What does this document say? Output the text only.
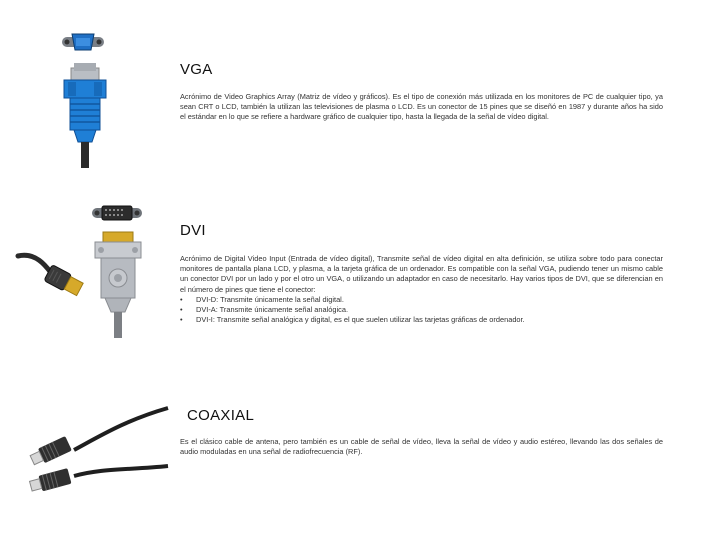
VGA
Acrónimo de Video Graphics Array (Matriz de vídeo y gráficos). Es el tipo de conexión más utilizada en los monitores de PC de cualquier tipo, ya sean CRT o LCD, también la utilizan las televisiones de plasma o LCD. Es un conector de 15 pines que se diseñó en 1987 y durante años ha sido el estándar en lo que se refiere a hardware gráfico de cualquier tipo, hasta la llegada de la señal de vídeo digital.
DVI
Acrónimo de Digital Video Input (Entrada de vídeo digital), Transmite señal de vídeo digital en alta definición, se utiliza sobre todo para conectar monitores de pantalla plana LCD, y plasma, a la tarjeta gráfica de un ordenador. Es compatible con la señal VGA, pudiendo tener un mismo cable un conector DVI por un lado y por el otro un VGA, o utilizando un adaptador en caso de necesitarlo. Hay varios tipos de DVI, que se diferencian en el número de pines que tiene el conector:
• DVI-D: Transmite únicamente la señal digital.
• DVI-A: Transmite únicamente señal analógica.
• DVI-I: Transmite señal analógica y digital, es el que suelen utilizar las tarjetas gráficas de ordenador.
COAXIAL
Es el clásico cable de antena, pero también es un cable de señal de vídeo, lleva la señal de vídeo y audio estéreo, llevando las dos señales de audio moduladas en una señal de radiofrecuencia (RF).
